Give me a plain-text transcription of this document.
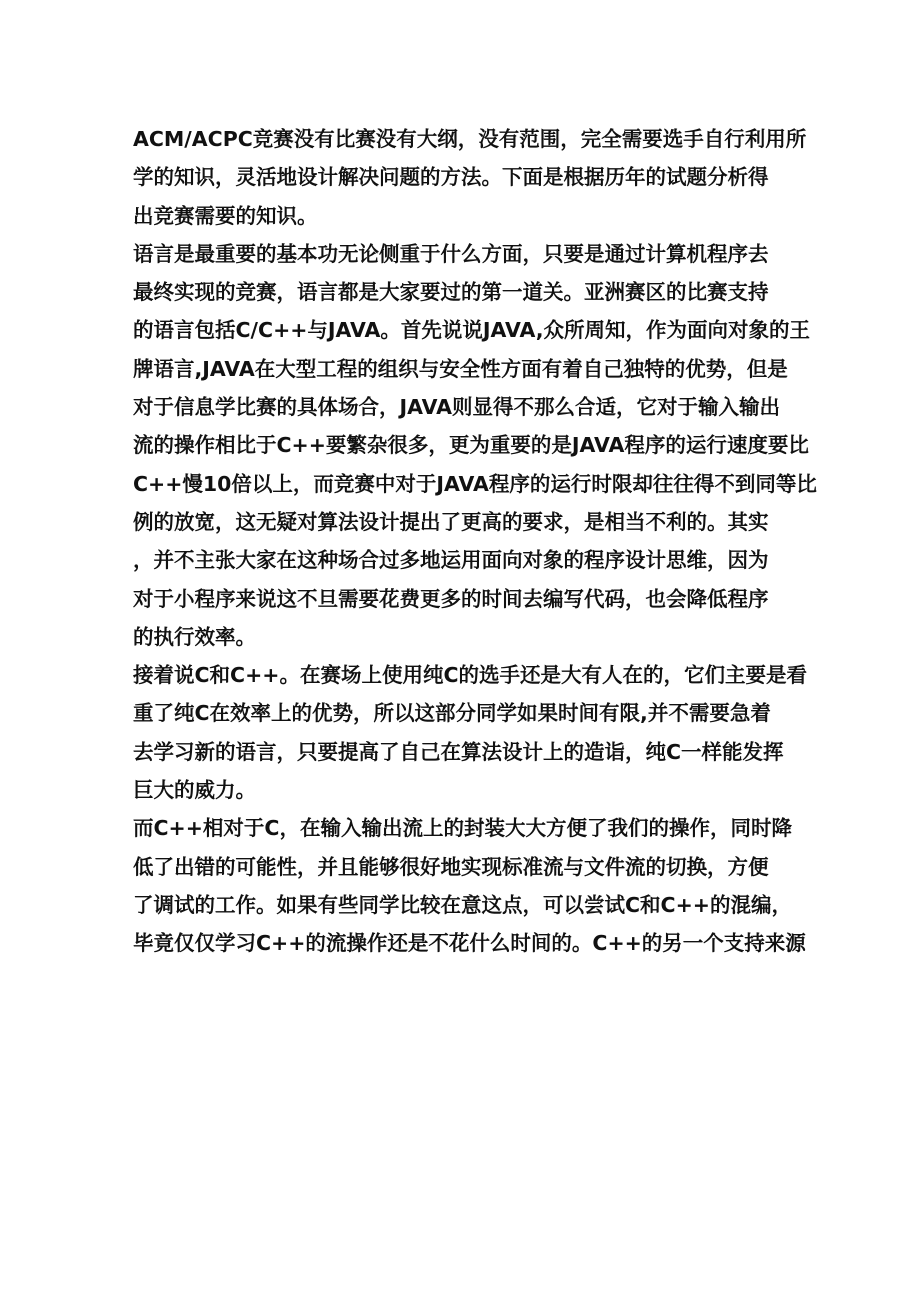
ACM/ACPC竞赛没有比赛没有大纲，没有范围，完全需要选手自行利用所
学的知识，灵活地设计解决问题的方法。下面是根据历年的试题分析得
出竞赛需要的知识。
语言是最重要的基本功无论侧重于什么方面，只要是通过计算机程序去
最终实现的竞赛，语言都是大家要过的第一道关。亚洲赛区的比赛支持
的语言包括C/C++与JAVA。首先说说JAVA,众所周知，作为面向对象的王
牌语言,JAVA在大型工程的组织与安全性方面有着自己独特的优势，但是
对于信息学比赛的具体场合，JAVA则显得不那么合适，它对于输入输出
流的操作相比于C++要繁杂很多，更为重要的是JAVA程序的运行速度要比
C++慢10倍以上，而竞赛中对于JAVA程序的运行时限却往往得不到同等比
例的放宽，这无疑对算法设计提出了更高的要求，是相当不利的。其实
，并不主张大家在这种场合过多地运用面向对象的程序设计思维，因为
对于小程序来说这不旦需要花费更多的时间去编写代码，也会降低程序
的执行效率。
接着说C和C++。在赛场上使用纯C的选手还是大有人在的，它们主要是看
重了纯C在效率上的优势，所以这部分同学如果时间有限,并不需要急着
去学习新的语言，只要提高了自己在算法设计上的造诣，纯C一样能发挥
巨大的威力。
而C++相对于C，在输入输出流上的封装大大方便了我们的操作，同时降
低了出错的可能性，并且能够很好地实现标准流与文件流的切换，方便
了调试的工作。如果有些同学比较在意这点，可以尝试C和C++的混编，
毕竟仅仅学习C++的流操作还是不花什么时间的。C++的另一个支持来源
